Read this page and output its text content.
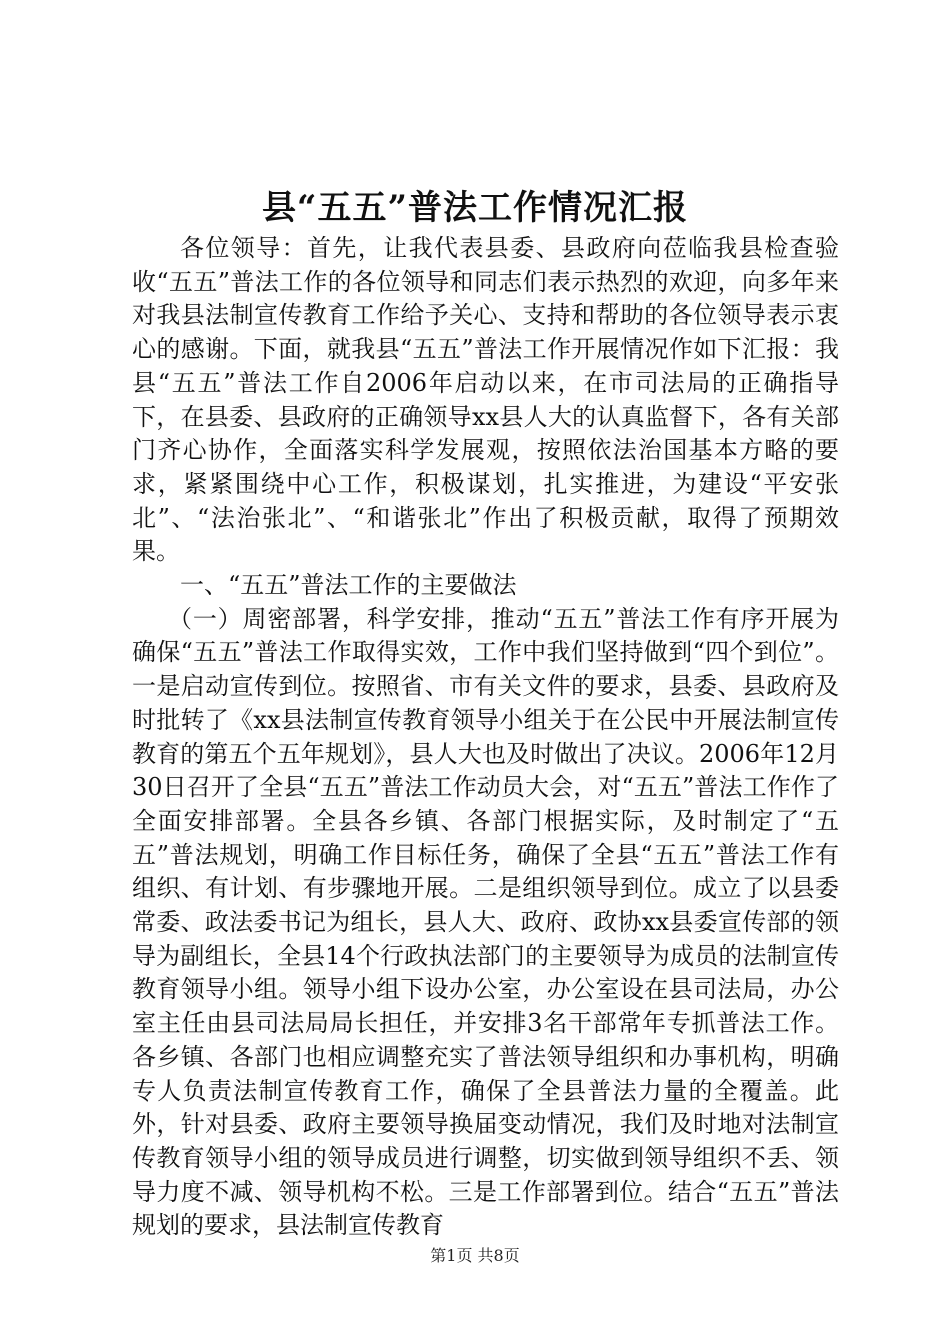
县“五五”普法工作情况汇报

各位领导：首先，让我代表县委、县政府向莅临我县检查验收“五五”普法工作的各位领导和同志们表示热烈的欢迎，向多年来对我县法制宣传教育工作给予关心、支持和帮助的各位领导表示衷心的感谢。下面，就我县“五五”普法工作开展情况作如下汇报：我县“五五”普法工作自2006年启动以来，在市司法局的正确指导下，在县委、县政府的正确领导xx县人大的认真监督下，各有关部门齐心协作，全面落实科学发展观，按照依法治国基本方略的要求，紧紧围绕中心工作，积极谋划，扎实推进，为建设“平安张北”、“法治张北”、“和谐张北”作出了积极贡献，取得了预期效果。

一、“五五”普法工作的主要做法

（一）周密部署，科学安排，推动“五五”普法工作有序开展为确保“五五”普法工作取得实效，工作中我们坚持做到“四个到位”。一是启动宣传到位。按照省、市有关文件的要求，县委、县政府及时批转了《xx县法制宣传教育领导小组关于在公民中开展法制宣传教育的第五个五年规划》，县人大也及时做出了决议。2006年12月30日召开了全县“五五”普法工作动员大会，对“五五”普法工作作了全面安排部署。全县各乡镇、各部门根据实际，及时制定了“五五”普法规划，明确工作目标任务，确保了全县“五五”普法工作有组织、有计划、有步骤地开展。二是组织领导到位。成立了以县委常委、政法委书记为组长，县人大、政府、政协xx县委宣传部的领导为副组长，全县14个行政执法部门的主要领导为成员的法制宣传教育领导小组。领导小组下设办公室，办公室设在县司法局，办公室主任由县司法局局长担任，并安排3名干部常年专抓普法工作。各乡镇、各部门也相应调整充实了普法领导组织和办事机构，明确专人负责法制宣传教育工作，确保了全县普法力量的全覆盖。此外，针对县委、政府主要领导换届变动情况，我们及时地对法制宣传教育领导小组的领导成员进行调整，切实做到领导组织不丢、领导力度不减、领导机构不松。三是工作部署到位。结合“五五”普法规划的要求，县法制宣传教育

第1页 共8页
